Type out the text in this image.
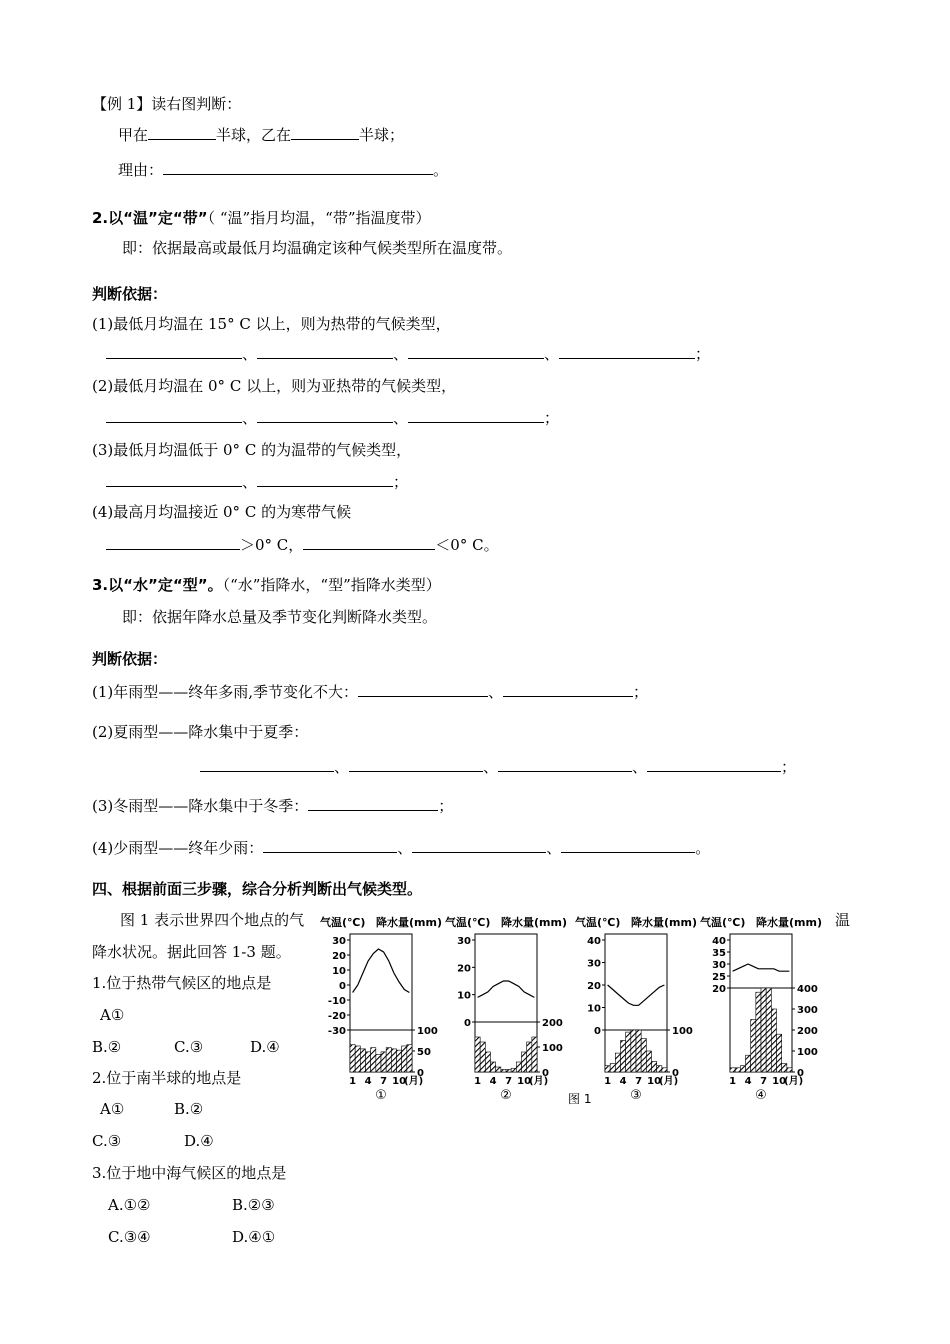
【例 1】读右图判断：
甲在	半球，乙在	半球；
理由：	。
2.以“温”定“带”（ “温”指月均温，“带”指温度带）
即：依据最高或最低月均温确定该种气候类型所在温度带。
判断依据：
(1)最低月均温在 15° C 以上，则为热带的气候类型，
、	、	、	；
(2)最低月均温在 0° C 以上，则为亚热带的气候类型，
、	、	；
(3)最低月均温低于 0° C 的为温带的气候类型，
、	；
(4)最高月均温接近 0° C 的为寒带气候
＞0° C，	＜0° C。
3.以“水”定“型”。（“水”指降水，“型”指降水类型）
即：依据年降水总量及季节变化判断降水类型。
判断依据：
(1)年雨型——终年多雨,季节变化不大：	、	；
(2)夏雨型——降水集中于夏季：
、	、	、	；
(3)冬雨型——降水集中于冬季：	；
(4)少雨型——终年少雨：	、	、	。
四、根据前面三步骤，综合分析判断出气候类型。
图 1 表示世界四个地点的气	温
降水状况。据此回答 1-3 题。
1.位于热带气候区的地点是
A①
B.②	C.③	D.④
2.位于南半球的地点是
A①	B.②
C.③	D.④
3.位于地中海气候区的地点是
A.①②	B.②③
C.③④	D.④①
气温(℃) 降水量(mm)
30
20
10
0
-10
-20
-30	100
50
0
1 4 7 10
(月)
①
气温(℃) 降水量(mm)
30
20
10
0	200
100
0
1 4 7 10
(月)
②
气温(℃) 降水量(mm)
40
30
20
10
0	100
0
1 4 7 10
(月)
③
气温(℃) 降水量(mm)
40
35
30
25
20	400
300
200
100
0
1 4 7 10
(月)
④
图 1
